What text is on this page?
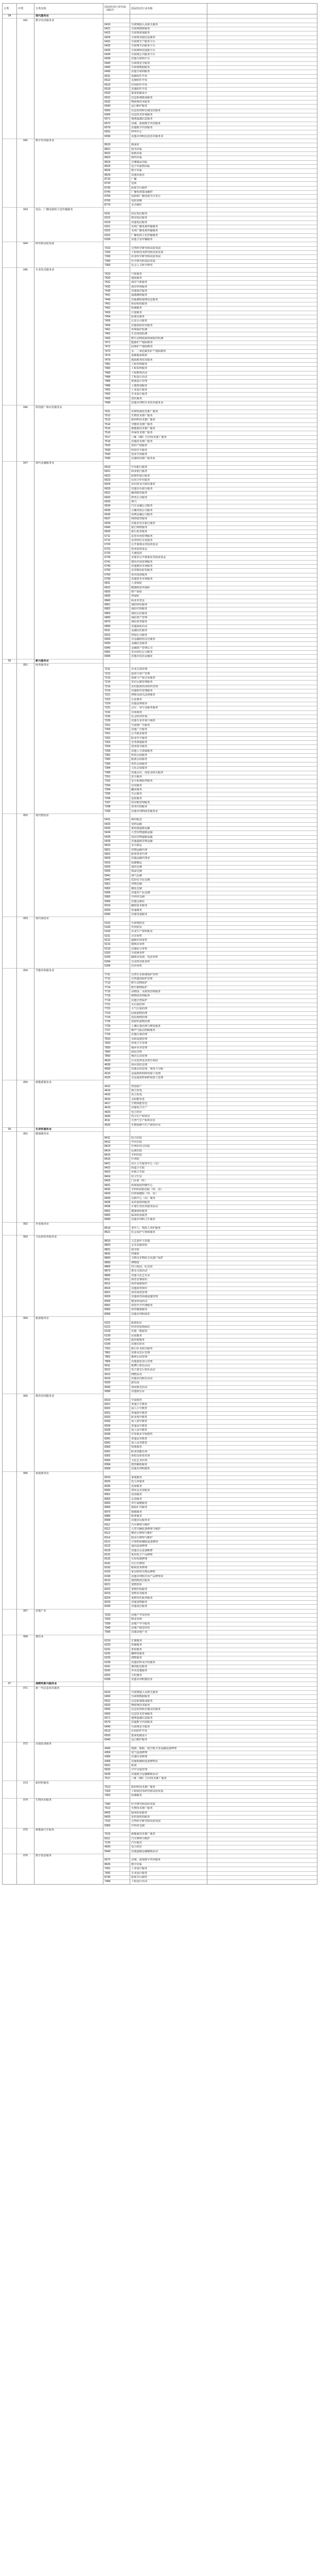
大类	中类	分类名称	国民经济行业代码（2017）	国民经济行业名称	
04		现代服务业			
	041	数字经济服务业			
			6410	互联网接入及相关服务	
			6421	互联网搜索服务	
			6422	互联网游戏服务	
			6429	互联网其他信息服务	
			6431	互联网生产服务平台	
			6432	互联网生活服务平台	
			6433	互联网科技创新平台	
			6434	互联网公共服务平台	
			6439	其他互联网平台	
			6440	互联网安全服务	
			6450	互联网数据服务	
			6490	其他互联网服务	
			6511	基础软件开发	
			6512	支撑软件开发	
			6513	应用软件开发	
			6519	其他软件开发	
			6520	集成电路设计	
			6531	信息系统集成服务	
			6532	物联网技术服务	
			6540	运行维护服务	
			6550	信息处理和存储支持服务	
			6560	信息技术咨询服务	
			6571	地理遥感信息服务	
			6572	动漫、游戏数字内容服务	
			6579	其他数字内容服务	
			6591	呼叫中心	
			6599	其他未列明信息技术服务业	
	042	数字内容服务业			
			8610	新闻业	
			8621	图书出版	
			8622	报纸出版	
			8623	期刊出版	
			8624	音像制品出版	
			8625	电子出版物出版	
			8626	数字出版	
			8629	其他出版业	
			8710	广播	
			8720	电视	
			8730	影视节目制作	
			8740	广播电视集成播控	
			8750	电影和广播电视节目发行	
			8760	电影放映	
			8770	录音制作	
	043	电信、广播电视和卫星传输服务			
			6311	固定电信服务	
			6312	移动电信服务	
			6319	其他电信服务	
			6321	有线广播电视传输服务	
			6322	无线广播电视传输服务	
			6331	广播电视卫星传输服务	
			6339	其他卫星传输服务	
	044	研究和试验发展			
			7310	自然科学研究和试验发展	
			7320	工程和技术研究和试验发展	
			7330	农业科学研究和试验发展	
			7340	医学研究和试验发展	
			7350	社会人文科学研究	
	045	专业技术服务业			
			7410	气象服务	
			7420	地震服务	
			7431	海洋气象服务	
			7432	海洋环境服务	
			7439	其他海洋服务	
			7441	遥感测绘服务	
			7449	其他测绘地理信息服务	
			7451	检验检疫服务	
			7452	检测服务	
			7453	计量服务	
			7454	标准化服务	
			7455	认证认可服务	
			7459	其他质检技术服务	
			7461	环境保护监测	
			7462	生态资源监测	
			7463	野生动物疫源疫病防控监测	
			7471	能源矿产地质勘查	
			7472	固体矿产地质勘查	
			7473	水、二氧化碳等矿产地质勘查	
			7474	基础地质勘查	
			7475	地质勘查技术服务	
			7481	工程管理服务	
			7482	工程监理服务	
			7483	工程勘察活动	
			7484	工程设计活动	
			7485	规划设计管理	
			7486	土地规划服务	
			7491	工业设计服务	
			7492	专业设计服务	
			7493	兽医服务	
			7499	其他未列明专业技术服务业	
	046	科技推广和应用服务业			
			7511	农林牧渔技术推广服务	
			7512	生物技术推广服务	
			7513	新材料技术推广服务	
			7514	节能技术推广服务	
			7515	新能源技术推广服务	
			7516	环保技术推广服务	
			7517	三维（3D）打印技术推广服务	
			7519	其他技术推广服务	
			7520	知识产权服务	
			7530	科技中介服务	
			7540	创业空间服务	
			7590	其他科技推广服务业	
	047	现代金融服务业			
			6610	中央银行服务	
			6621	商业银行服务	
			6622	政策性银行服务	
			6623	信用合作社服务	
			6624	农村资金互助社服务	
			6629	其他货币银行服务	
			6631	融资租赁服务	
			6632	财务公司服务	
			6633	典当	
			6634	汽车金融公司服务	
			6635	小额贷款公司服务	
			6636	消费金融公司服务	
			6637	网络借贷服务	
			6639	其他非货币银行服务	
			6640	银行理财服务	
			6650	银行监管服务	
			6711	证券市场管理服务	
			6712	证券经纪交易服务	
			6720	公开募集证券投资基金	
			6731	创业投资基金	
			6732	天使投资	
			6739	其他非公开募集证券投资基金	
			6741	期货市场管理服务	
			6749	其他期货市场服务	
			6750	证券期货监管服务	
			6760	资本投资服务	
			6790	其他资本市场服务	
			6811	人身保险	
			6812	健康和意外保险	
			6820	财产保险	
			6830	再保险	
			6840	商业养老金	
			6851	保险经纪服务	
			6852	保险代理服务	
			6853	保险公估服务	
			6860	保险资产管理	
			6870	保险监管服务	
			6890	其他保险活动	
			6911	金融信托服务	
			6912	控股公司服务	
			6920	非金融机构支付服务	
			6930	金融信息服务	
			6940	金融资产管理公司	
			6991	货币经纪公司服务	
			6999	其他未包括金融业	
05		新兴服务业			
	051	商务服务业			
			7211	企业总部管理	
			7212	投资与资产管理	
			7213	资源与产权交易服务	
			7214	单位后勤管理服务	
			7215	农村集体经济组织管理	
			7219	其他组织管理服务	
			7221	律师及相关法律服务	
			7222	公证服务	
			7229	其他法律服务	
			7231	会计、审计及税务服务	
			7232	市场调查	
			7233	社会经济咨询	
			7239	其他专业咨询与调查	
			7251	互联网广告服务	
			7259	其他广告服务	
			7261	公共就业服务	
			7262	职业中介服务	
			7263	劳务派遣服务	
			7264	创业指导服务	
			7269	其他人力资源服务	
			7281	科技会展服务	
			7282	旅游会展服务	
			7283	体育会展服务	
			7284	文化会展服务	
			7289	其他会议、展览及相关服务	
			7291	安全服务	
			7292	安全系统监控服务	
			7293	信用服务	
			7294	翻译服务	
			7295	办公服务	
			7296	包装服务	
			7297	供应链管理服务	
			7298	票务代理服务	
			7299	其他未列明商务服务业	
	052	现代物流业			
			5431	城市配送	
			5432	零担运输	
			5433	集装箱道路运输	
			5434	大型货物道路运输	
			5435	危险货物道路运输	
			5439	其他道路货物运输	
			5810	多式联运	
			5821	货物运输代理	
			5822	旅客票务代理	
			5829	其他运输代理业	
			5910	装卸搬运	
			5920	通用仓储	
			5930	低温仓储	
			5941	油气仓储	
			5942	危险化学品仓储	
			5951	谷物仓储	
			5952	棉花仓储	
			5959	其他农产品仓储	
			5960	中药材仓储	
			5990	其他仓储业	
			6010	邮政基本服务	
			6020	快递服务	
			6090	其他寄递服务	
	053	现代商贸业			
			5191	互联网批发	
			5192	外贸批发	
			5193	农业生产资料批发	
			5211	百货零售	
			5212	超级市场零售	
			5213	便利店零售	
			5219	其他综合零售	
			5292	互联网零售	
			5293	邮购及电视、电话零售	
			5294	自动售货机零售	
			5295	旧货零售	
	054	节能环保服务业			
			7711	自然生态系统保护管理	
			7712	自然遗迹保护管理	
			7713	野生动物保护	
			7714	野生植物保护	
			7715	动物园、水族馆管理服务	
			7716	植物园管理服务	
			7719	其他自然保护	
			7721	水污染治理	
			7722	大气污染治理	
			7723	固体废物治理	
			7724	危险废物治理	
			7725	放射性废物治理	
			7726	土壤污染治理与修复服务	
			7727	噪声与振动控制服务	
			7729	其他污染治理	
			7810	市政设施管理	
			7820	环境卫生管理	
			7830	城乡市容管理	
			7840	绿化管理	
			7850	城市公园管理	
			4620	污水处理及其再生利用	
			4630	海水淡化处理	
			4690	其他水的处理、利用与分配	
			4210	金属废料和碎屑加工处理	
			4220	非金属废料和碎屑加工处理	
	055	新能源服务业			
			4412	热电联产	
			4414	核力发电	
			4415	风力发电	
			4416	太阳能发电	
			4417	生物质能发电	
			4419	其他电力生产	
			4420	电力供应	
			4430	热力生产和供应	
			4511	天然气生产和供应业	
			4520	生物质燃气生产和供应业	
06		生活性服务业			
	061	健康服务业			
			8411	综合医院	
			8412	中医医院	
			8413	中西医结合医院	
			8414	民族医院	
			8415	专科医院	
			8416	疗养院	
			8421	社区卫生服务中心（站）	
			8422	街道卫生院	
			8423	乡镇卫生院	
			8424	村卫生室	
			8425	门诊部（所）	
			8431	疾病预防控制中心	
			8432	专科疾病防治院（所、站）	
			8433	妇幼保健院（所、站）	
			8434	急救中心（站）服务	
			8435	采供血机构服务	
			8436	计划生育技术服务活动	
			8491	健康体检服务	
			8492	临床检验服务	
			8499	其他未列明卫生服务	
	062	养老服务业			
			8514	老年人、残疾人养护服务	
			8521	社会看护与帮助服务	
	063	文化和体育服务业			
			8810	文艺创作与表演	
			8820	艺术表演场馆	
			8831	图书馆	
			8832	档案馆	
			8840	文物及非物质文化遗产保护	
			8850	博物馆	
			8860	烈士陵园、纪念馆	
			8870	群众文体活动	
			8890	其他文化艺术业	
			8911	体育竞赛组织	
			8912	体育保障组织	
			8919	其他体育组织	
			8921	体育场馆管理	
			8929	其他体育场地设施管理	
			8930	健身休闲活动	
			8991	体育中介代理服务	
			8992	体育健康服务	
			8999	其他未列明体育	
	064	旅游服务业			
			6110	旅游饭店	
			6121	经济型连锁酒店	
			6129	其他一般旅馆	
			6130	民宿服务	
			6140	露营地服务	
			6190	其他住宿业	
			7291	旅行社及相关服务	
			7861	名胜风景区管理	
			7862	森林公园管理	
			7869	其他游览景区管理	
			9011	歌舞厅娱乐活动	
			9012	电子游艺厅娱乐活动	
			9013	网吧活动	
			9019	其他室内娱乐活动	
			9020	游乐园	
			9030	休闲观光活动	
			9090	其他娱乐业	
	065	教育培训服务业			
			8310	学前教育	
			8321	普通小学教育	
			8322	成人小学教育	
			8331	普通初中教育	
			8332	职业初中教育	
			8333	成人初中教育	
			8334	普通高中教育	
			8335	成人高中教育	
			8336	中等职业学校教育	
			8341	普通高等教育	
			8342	成人高等教育	
			8350	特殊教育	
			8391	职业技能培训	
			8392	体校及体育培训	
			8393	文化艺术培训	
			8394	教育辅助服务	
			8399	其他未列明教育	
	066	家庭服务业			
			8010	家庭服务	
			8020	托儿所服务	
			8030	洗染服务	
			8040	理发及美容服务	
			8051	洗浴服务	
			8052	足浴服务	
			8053	养生保健服务	
			8060	摄影扩印服务	
			8070	婚姻服务	
			8080	殡葬服务	
			8090	其他居民服务业	
			8111	汽车修理与维护	
			8112	大型车辆装备修理与维护	
			8113	摩托车修理与维护	
			8114	助动车修理与维护	
			8121	计算机和辅助设备修理	
			8122	通讯设备修理	
			8129	其他办公设备维修	
			8131	家用电子产品修理	
			8132	日用电器修理	
			8191	自行车修理	
			8192	鞋和皮革修理	
			8193	家具和相关物品修理	
			8199	其他未列明日用产品修理业	
			8210	建筑物清洁服务	
			8221	宠物饲养	
			8222	宠物医院服务	
			8223	宠物美容服务	
			8224	宠物寄托收养服务	
			8229	其他宠物服务	
			8290	其他清洁服务	
	067	房地产业			
			7010	房地产开发经营	
			7020	物业管理	
			7030	房地产中介服务	
			7040	房地产租赁经营	
			7090	其他房地产业	
	068	餐饮业			
			6210	正餐服务	
			6220	快餐服务	
			6231	茶馆服务	
			6232	咖啡馆服务	
			6233	酒吧服务	
			6239	其他饮料及冷饮服务	
			6241	餐饮配送服务	
			6242	外卖送餐服务	
			6291	小吃服务	
			6299	其他未列明餐饮业	
07		战略性新兴服务业			
	071	新一代信息技术服务			
			6410	互联网接入及相关服务	
			6450	互联网数据服务	
			6531	信息系统集成服务	
			6532	物联网技术服务	
			6550	信息处理和存储支持服务	
			6560	信息技术咨询服务	
			6571	地理遥感信息服务	
			6579	其他数字内容服务	
			6440	互联网安全服务	
			6513	应用软件开发	
			6520	集成电路设计	
			6540	运行维护服务	
	072	高端装备服务			
			4340	铁路、船舶、航空航天等运输设备修理	
			4350	电气设备修理	
			4360	仪器仪表修理	
			4390	其他机械和设备修理业	
			5631	机场	
			5632	空中交通管理	
			5639	其他航空运输辅助活动	
			7517	三维（3D）打印技术推广服务	
	073	新材料服务			
			7513	新材料技术推广服务	
			7320	工程和技术研究和试验发展	
			7452	检测服务	
	074	生物医药服务			
			7340	医学研究和试验发展	
			7512	生物技术推广服务	
			8492	临床检验服务	
			8435	采供血机构服务	
			7310	自然科学研究和试验发展	
			5960	中药材仓储	
	075	新能源汽车服务			
			7515	新能源技术推广服务	
			8111	汽车修理与维护	
			7120	汽车租赁	
			4420	电力供应	
			5449	其他道路运输辅助活动	
	076	数字创意服务			
			6572	动漫、游戏数字内容服务	
			8626	数字出版	
			7491	工业设计服务	
			7492	专业设计服务	
			8730	影视节目制作	
			7484	工程设计活动	
